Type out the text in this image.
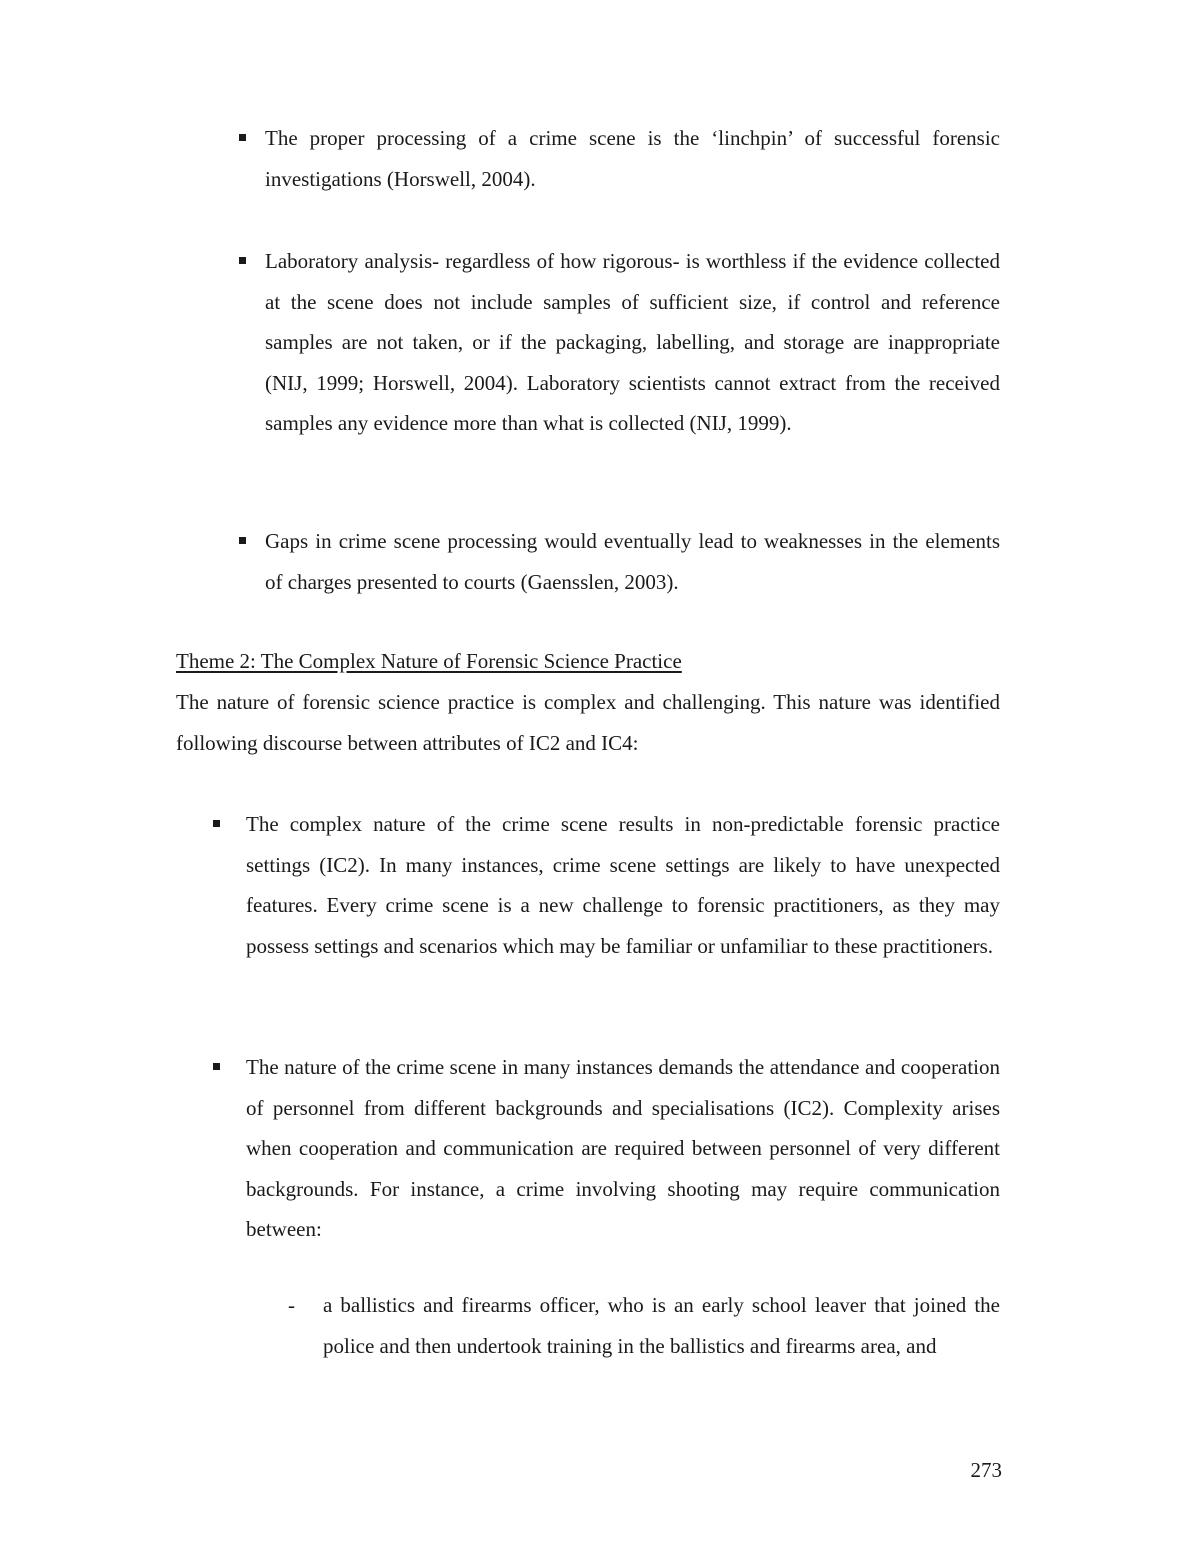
The proper processing of a crime scene is the ‘linchpin’ of successful forensic investigations (Horswell, 2004).

Laboratory analysis- regardless of how rigorous- is worthless if the evidence collected at the scene does not include samples of sufficient size, if control and reference samples are not taken, or if the packaging, labelling, and storage are inappropriate (NIJ, 1999; Horswell, 2004). Laboratory scientists cannot extract from the received samples any evidence more than what is collected (NIJ, 1999).

Gaps in crime scene processing would eventually lead to weaknesses in the elements of charges presented to courts (Gaensslen, 2003).

Theme 2: The Complex Nature of Forensic Science Practice

The nature of forensic science practice is complex and challenging. This nature was identified following discourse between attributes of IC2 and IC4:

The complex nature of the crime scene results in non-predictable forensic practice settings (IC2). In many instances, crime scene settings are likely to have unexpected features. Every crime scene is a new challenge to forensic practitioners, as they may possess settings and scenarios which may be familiar or unfamiliar to these practitioners.

The nature of the crime scene in many instances demands the attendance and cooperation of personnel from different backgrounds and specialisations (IC2). Complexity arises when cooperation and communication are required between personnel of very different backgrounds. For instance, a crime involving shooting may require communication between:

- a ballistics and firearms officer, who is an early school leaver that joined the police and then undertook training in the ballistics and firearms area, and

273
